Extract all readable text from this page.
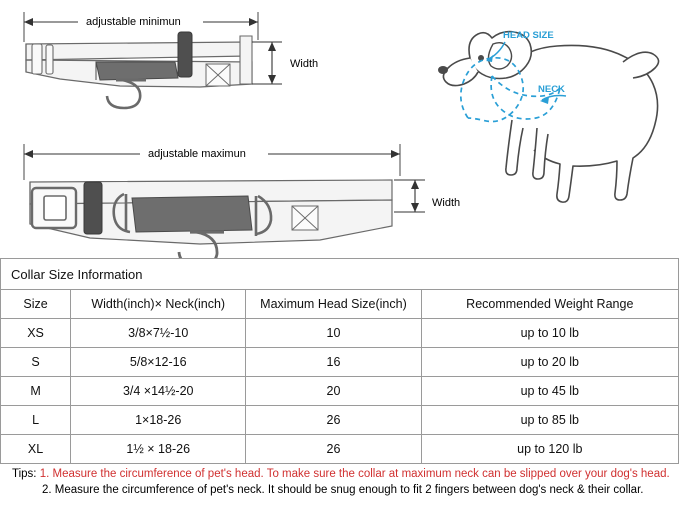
adjustable minimun
Width
adjustable maximun
Width
HEAD SIZE
NECK
Collar Size Information			
Size	Width(inch)× Neck(inch)	Maximum Head Size(inch)	Recommended Weight Range
XS	3/8×7½-10	10	up to 10 lb
S	5/8×12-16	16	up to 20 lb
M	3/4 ×14½-20	20	up to 45 lb
L	1×18-26	26	up to 85 lb
XL	1½ × 18-26	26	up to 120 lb
Tips: 1. Measure the circumference of pet's head. To make sure the collar at maximum neck can be slipped over your dog's head.
2. Measure the circumference of pet's neck. It should be snug enough to fit 2 fingers between dog's neck & their collar.
